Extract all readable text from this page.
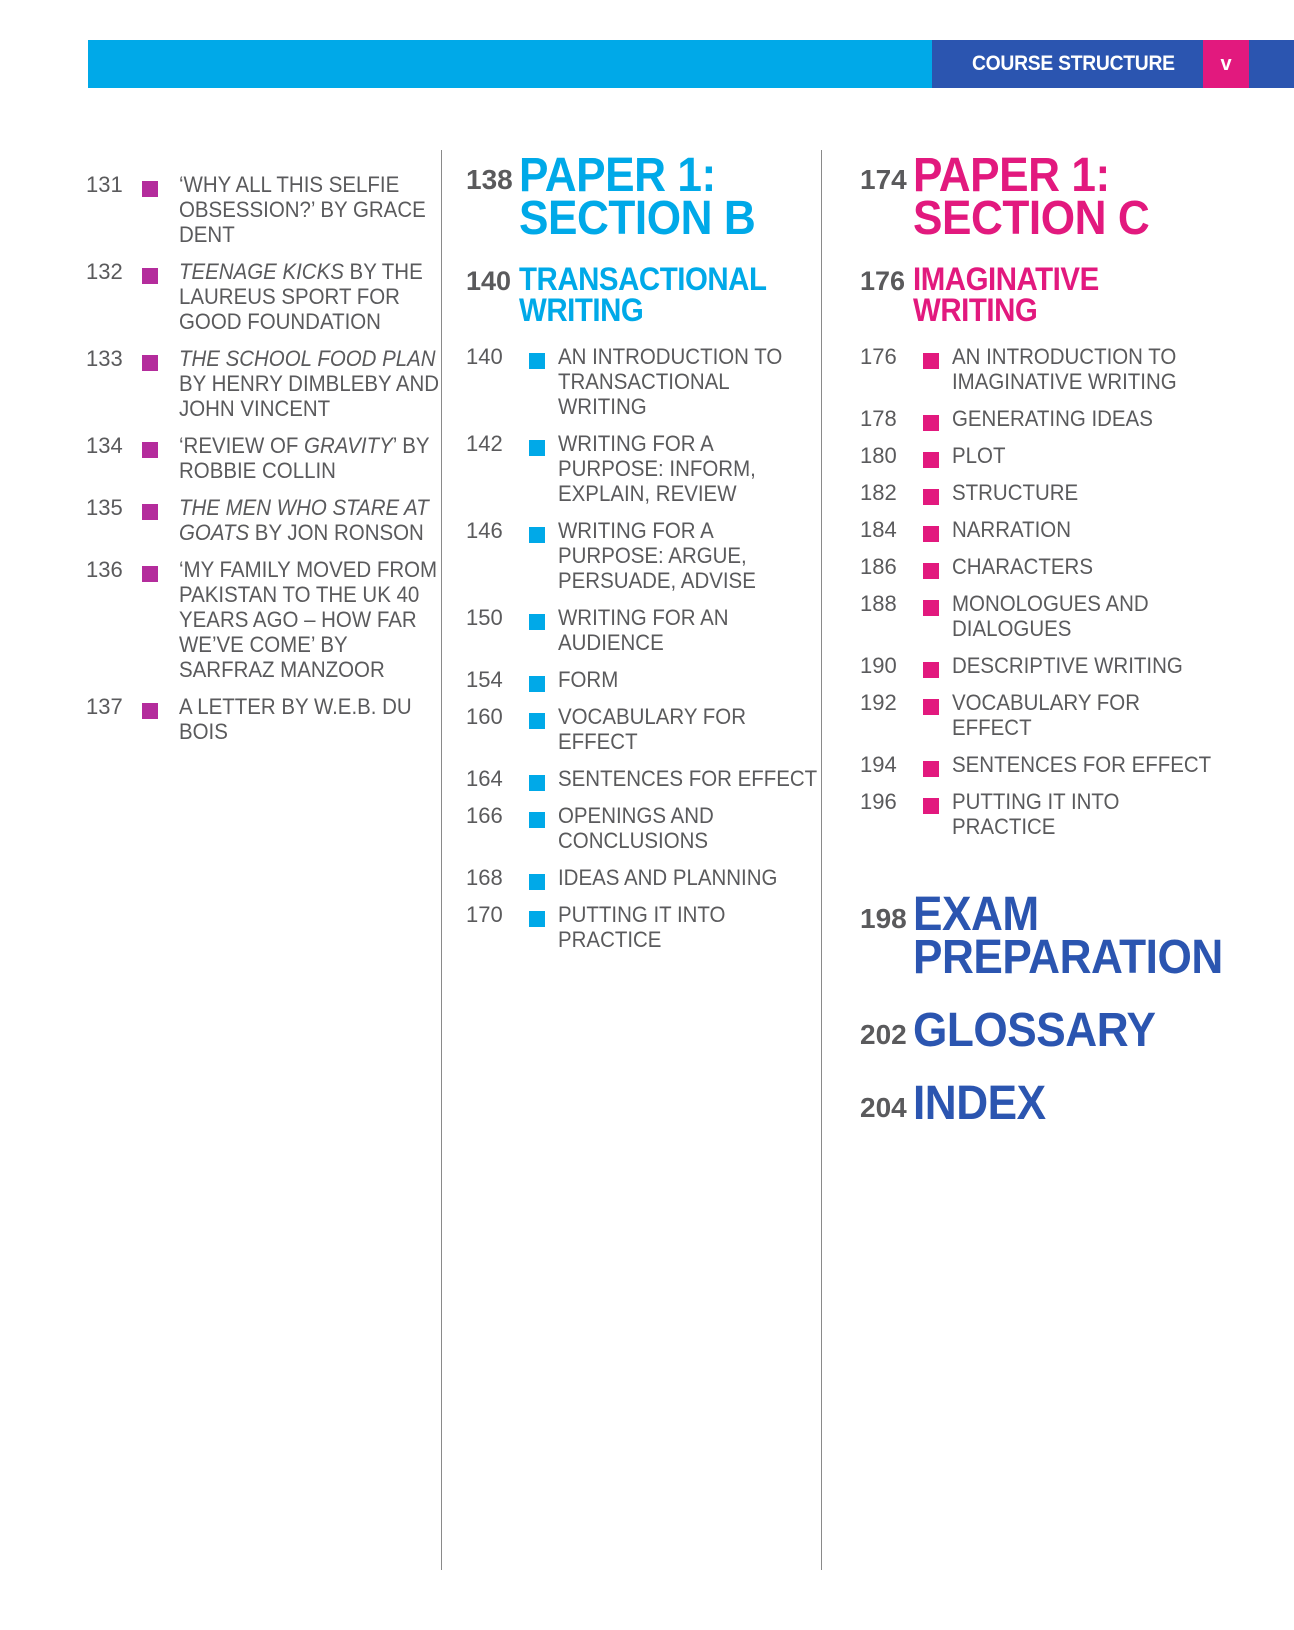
COURSE STRUCTURE	v
131	‘WHY ALL THIS SELFIE OBSESSION?’ BY GRACE DENT
132	TEENAGE KICKS BY THE LAUREUS SPORT FOR GOOD FOUNDATION
133	THE SCHOOL FOOD PLAN BY HENRY DIMBLEBY AND JOHN VINCENT
134	‘REVIEW OF GRAVITY’ BY ROBBIE COLLIN
135	THE MEN WHO STARE AT GOATS BY JON RONSON
136	‘MY FAMILY MOVED FROM PAKISTAN TO THE UK 40 YEARS AGO – HOW FAR WE’VE COME’ BY SARFRAZ MANZOOR
137	A LETTER BY W.E.B. DU BOIS
138 PAPER 1: SECTION B
140 TRANSACTIONAL WRITING
140	AN INTRODUCTION TO TRANSACTIONAL WRITING
142	WRITING FOR A PURPOSE: INFORM, EXPLAIN, REVIEW
146	WRITING FOR A PURPOSE: ARGUE, PERSUADE, ADVISE
150	WRITING FOR AN AUDIENCE
154	FORM
160	VOCABULARY FOR EFFECT
164	SENTENCES FOR EFFECT
166	OPENINGS AND CONCLUSIONS
168	IDEAS AND PLANNING
170	PUTTING IT INTO PRACTICE
174 PAPER 1: SECTION C
176 IMAGINATIVE WRITING
176	AN INTRODUCTION TO IMAGINATIVE WRITING
178	GENERATING IDEAS
180	PLOT
182	STRUCTURE
184	NARRATION
186	CHARACTERS
188	MONOLOGUES AND DIALOGUES
190	DESCRIPTIVE WRITING
192	VOCABULARY FOR EFFECT
194	SENTENCES FOR EFFECT
196	PUTTING IT INTO PRACTICE
198 EXAM PREPARATION
202 GLOSSARY
204 INDEX
